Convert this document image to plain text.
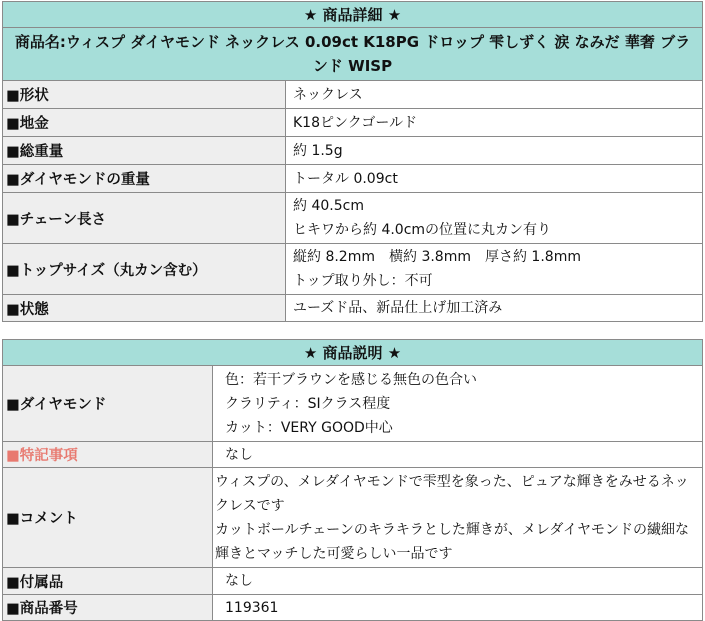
★ 商品詳細 ★	
商品名:ウィスプ ダイヤモンド ネックレス 0.09ct K18PG ドロップ 雫しずく 涙 なみだ 華奢 ブランド WISP	
■形状	ネックレス
■地金	K18ピンクゴールド
■総重量	約 1.5g
■ダイヤモンドの重量	トータル 0.09ct
■チェーン長さ	約 40.5cm
ヒキワから約 4.0cmの位置に丸カン有り

■トップサイズ（丸カン含む）	縦約 8.2mm　横約 3.8mm　厚さ約 1.8mm
トップ取り外し：不可

■状態	ユーズド品、新品仕上げ加工済み
★ 商品説明 ★	
■ダイヤモンド	色：若干ブラウンを感じる無色の色合い
クラリティ：SIクラス程度
カット：VERY GOOD中心

■特記事項	なし
■コメント	ウィスプの、メレダイヤモンドで雫型を象った、ピュアな輝きをみせるネックレスです
カットボールチェーンのキラキラとした輝きが、メレダイヤモンドの繊細な輝きとマッチした可愛らしい一品です

■付属品	なし
■商品番号	119361
